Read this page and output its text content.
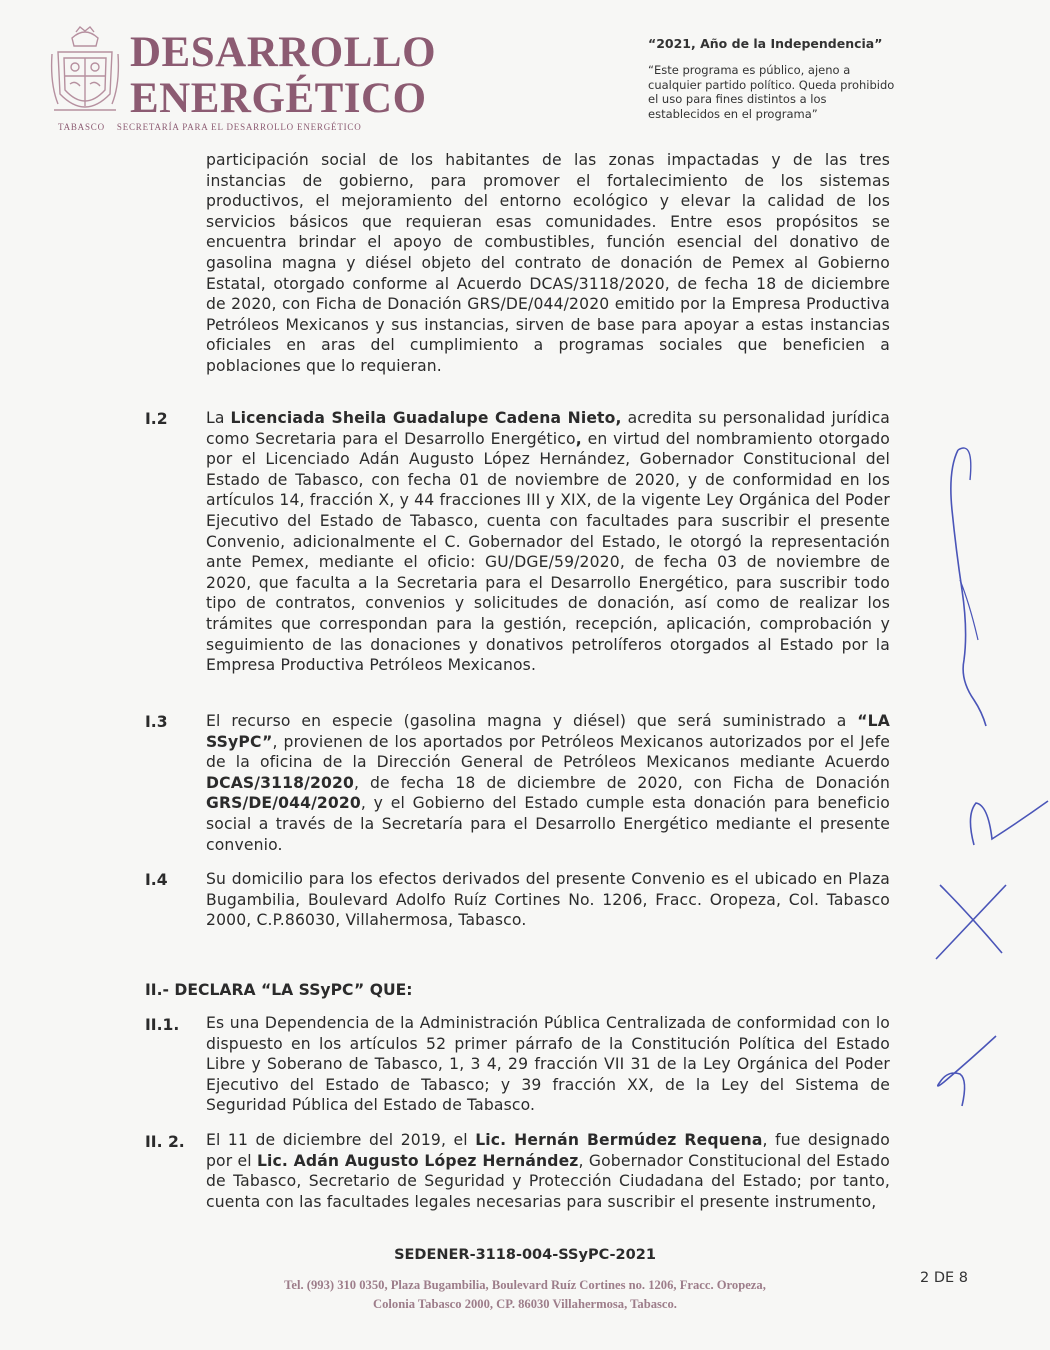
DESARROLLO
ENERGÉTICO
TABASCO SECRETARÍA PARA EL DESARROLLO ENERGÉTICO
“2021, Año de la Independencia”
“Este programa es público, ajeno a cualquier partido político. Queda prohibido el uso para fines distintos a los establecidos en el programa”
participación social de los habitantes de las zonas impactadas y de las tres instancias de gobierno, para promover el fortalecimiento de los sistemas productivos, el mejoramiento del entorno ecológico y elevar la calidad de los servicios básicos que requieran esas comunidades. Entre esos propósitos se encuentra brindar el apoyo de combustibles, función esencial del donativo de gasolina magna y diésel objeto del contrato de donación de Pemex al Gobierno Estatal, otorgado conforme al Acuerdo DCAS/3118/2020, de fecha 18 de diciembre de 2020, con Ficha de Donación GRS/DE/044/2020 emitido por la Empresa Productiva Petróleos Mexicanos y sus instancias, sirven de base para apoyar a estas instancias oficiales en aras del cumplimiento a programas sociales que beneficien a poblaciones que lo requieran.
I.2 La Licenciada Sheila Guadalupe Cadena Nieto, acredita su personalidad jurídica como Secretaria para el Desarrollo Energético, en virtud del nombramiento otorgado por el Licenciado Adán Augusto López Hernández, Gobernador Constitucional del Estado de Tabasco, con fecha 01 de noviembre de 2020, y de conformidad en los artículos 14, fracción X, y 44 fracciones III y XIX, de la vigente Ley Orgánica del Poder Ejecutivo del Estado de Tabasco, cuenta con facultades para suscribir el presente Convenio, adicionalmente el C. Gobernador del Estado, le otorgó la representación ante Pemex, mediante el oficio: GU/DGE/59/2020, de fecha 03 de noviembre de 2020, que faculta a la Secretaria para el Desarrollo Energético, para suscribir todo tipo de contratos, convenios y solicitudes de donación, así como de realizar los trámites que correspondan para la gestión, recepción, aplicación, comprobación y seguimiento de las donaciones y donativos petrolíferos otorgados al Estado por la Empresa Productiva Petróleos Mexicanos.
I.3 El recurso en especie (gasolina magna y diésel) que será suministrado a “LA SSyPC”, provienen de los aportados por Petróleos Mexicanos autorizados por el Jefe de la oficina de la Dirección General de Petróleos Mexicanos mediante Acuerdo DCAS/3118/2020, de fecha 18 de diciembre de 2020, con Ficha de Donación GRS/DE/044/2020, y el Gobierno del Estado cumple esta donación para beneficio social a través de la Secretaría para el Desarrollo Energético mediante el presente convenio.
I.4 Su domicilio para los efectos derivados del presente Convenio es el ubicado en Plaza Bugambilia, Boulevard Adolfo Ruíz Cortines No. 1206, Fracc. Oropeza, Col. Tabasco 2000, C.P.86030, Villahermosa, Tabasco.
II.- DECLARA “LA SSyPC” QUE:
II.1. Es una Dependencia de la Administración Pública Centralizada de conformidad con lo dispuesto en los artículos 52 primer párrafo de la Constitución Política del Estado Libre y Soberano de Tabasco, 1, 3 4, 29 fracción VII 31 de la Ley Orgánica del Poder Ejecutivo del Estado de Tabasco; y 39 fracción XX, de la Ley del Sistema de Seguridad Pública del Estado de Tabasco.
II. 2. El 11 de diciembre del 2019, el Lic. Hernán Bermúdez Requena, fue designado por el Lic. Adán Augusto López Hernández, Gobernador Constitucional del Estado de Tabasco, Secretario de Seguridad y Protección Ciudadana del Estado; por tanto, cuenta con las facultades legales necesarias para suscribir el presente instrumento,
SEDENER-3118-004-SSyPC-2021
Tel. (993) 310 0350, Plaza Bugambilia, Boulevard Ruíz Cortines no. 1206, Fracc. Oropeza,
Colonia Tabasco 2000, CP. 86030 Villahermosa, Tabasco.
2 DE 8
